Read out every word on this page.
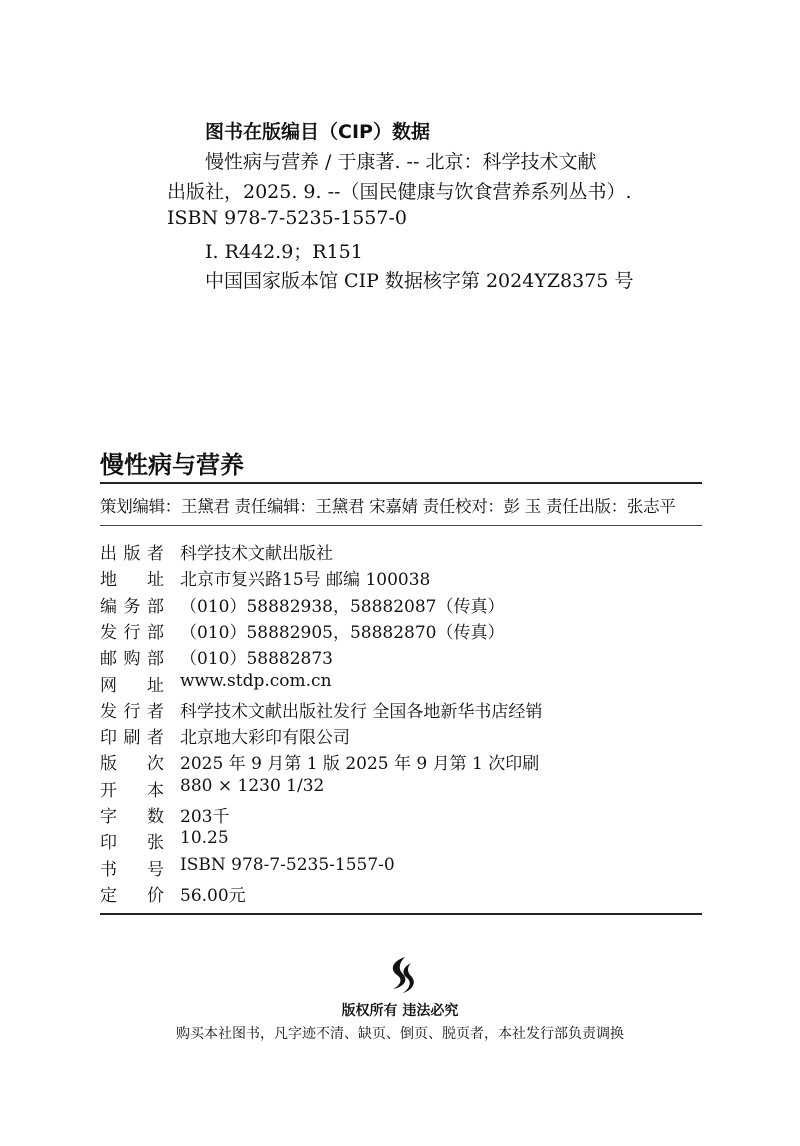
图书在版编目（CIP）数据
慢性病与营养 / 于康著. -- 北京：科学技术文献
出版社，2025. 9. --（国民健康与饮食营养系列丛书）.
ISBN 978-7-5235-1557-0
Ⅰ. R442.9；R151
中国国家版本馆 CIP 数据核字第 2024YZ8375 号
慢性病与营养
策划编辑：王黛君 责任编辑：王黛君 宋嘉婧 责任校对：彭 玉 责任出版：张志平
出 版 者 科学技术文献出版社
地 址 北京市复兴路15号 邮编 100038
编 务 部 （010）58882938，58882087（传真）
发 行 部 （010）58882905，58882870（传真）
邮 购 部 （010）58882873
网 址 www.stdp.com.cn
发 行 者 科学技术文献出版社发行 全国各地新华书店经销
印 刷 者 北京地大彩印有限公司
版 次 2025 年 9 月第 1 版 2025 年 9 月第 1 次印刷
开 本 880 × 1230 1/32
字 数 203千
印 张 10.25
书 号 ISBN 978-7-5235-1557-0
定 价 56.00元
版权所有 违法必究
购买本社图书，凡字迹不清、缺页、倒页、脱页者，本社发行部负责调换
